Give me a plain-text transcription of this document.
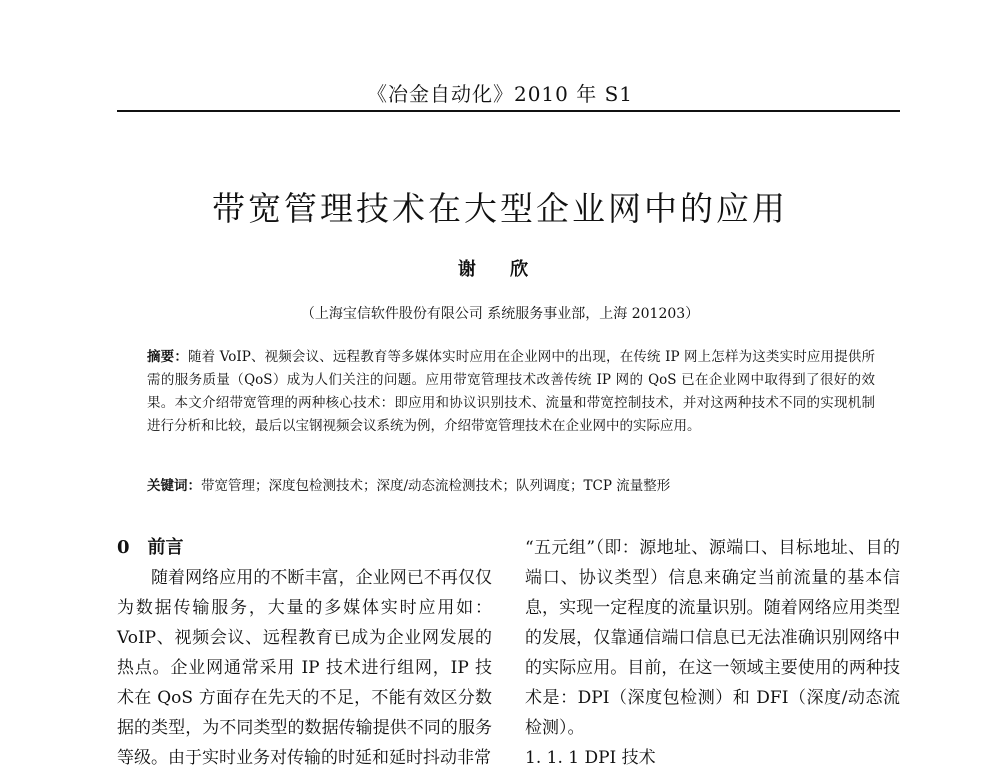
《冶金自动化》2010 年 S1
带宽管理技术在大型企业网中的应用
谢 欣
（上海宝信软件股份有限公司 系统服务事业部，上海 201203）
摘要：随着 VoIP、视频会议、远程教育等多媒体实时应用在企业网中的出现，在传统 IP 网上怎样为这类实时应用提供所需的服务质量（QoS）成为人们关注的问题。应用带宽管理技术改善传统 IP 网的 QoS 已在企业网中取得到了很好的效果。本文介绍带宽管理的两种核心技术：即应用和协议识别技术、流量和带宽控制技术，并对这两种技术不同的实现机制进行分析和比较，最后以宝钢视频会议系统为例，介绍带宽管理技术在企业网中的实际应用。
关键词：带宽管理；深度包检测技术；深度/动态流检测技术；队列调度；TCP 流量整形
0 前言

随着网络应用的不断丰富，企业网已不再仅仅为数据传输服务，大量的多媒体实时应用如：VoIP、视频会议、远程教育已成为企业网发展的热点。企业网通常采用 IP 技术进行组网，IP 技术在 QoS 方面存在先天的不足，不能有效区分数据的类型，为不同类型的数据传输提供不同的服务等级。由于实时业务对传输的时延和延时抖动非常

“五元组”（即：源地址、源端口、目标地址、目的端口、协议类型）信息来确定当前流量的基本信息，实现一定程度的流量识别。随着网络应用类型的发展，仅靠通信端口信息已无法准确识别网络中的实际应用。目前，在这一领域主要使用的两种技术是：DPI（深度包检测）和 DFI（深度/动态流检测）。

1. 1. 1 DPI 技术
